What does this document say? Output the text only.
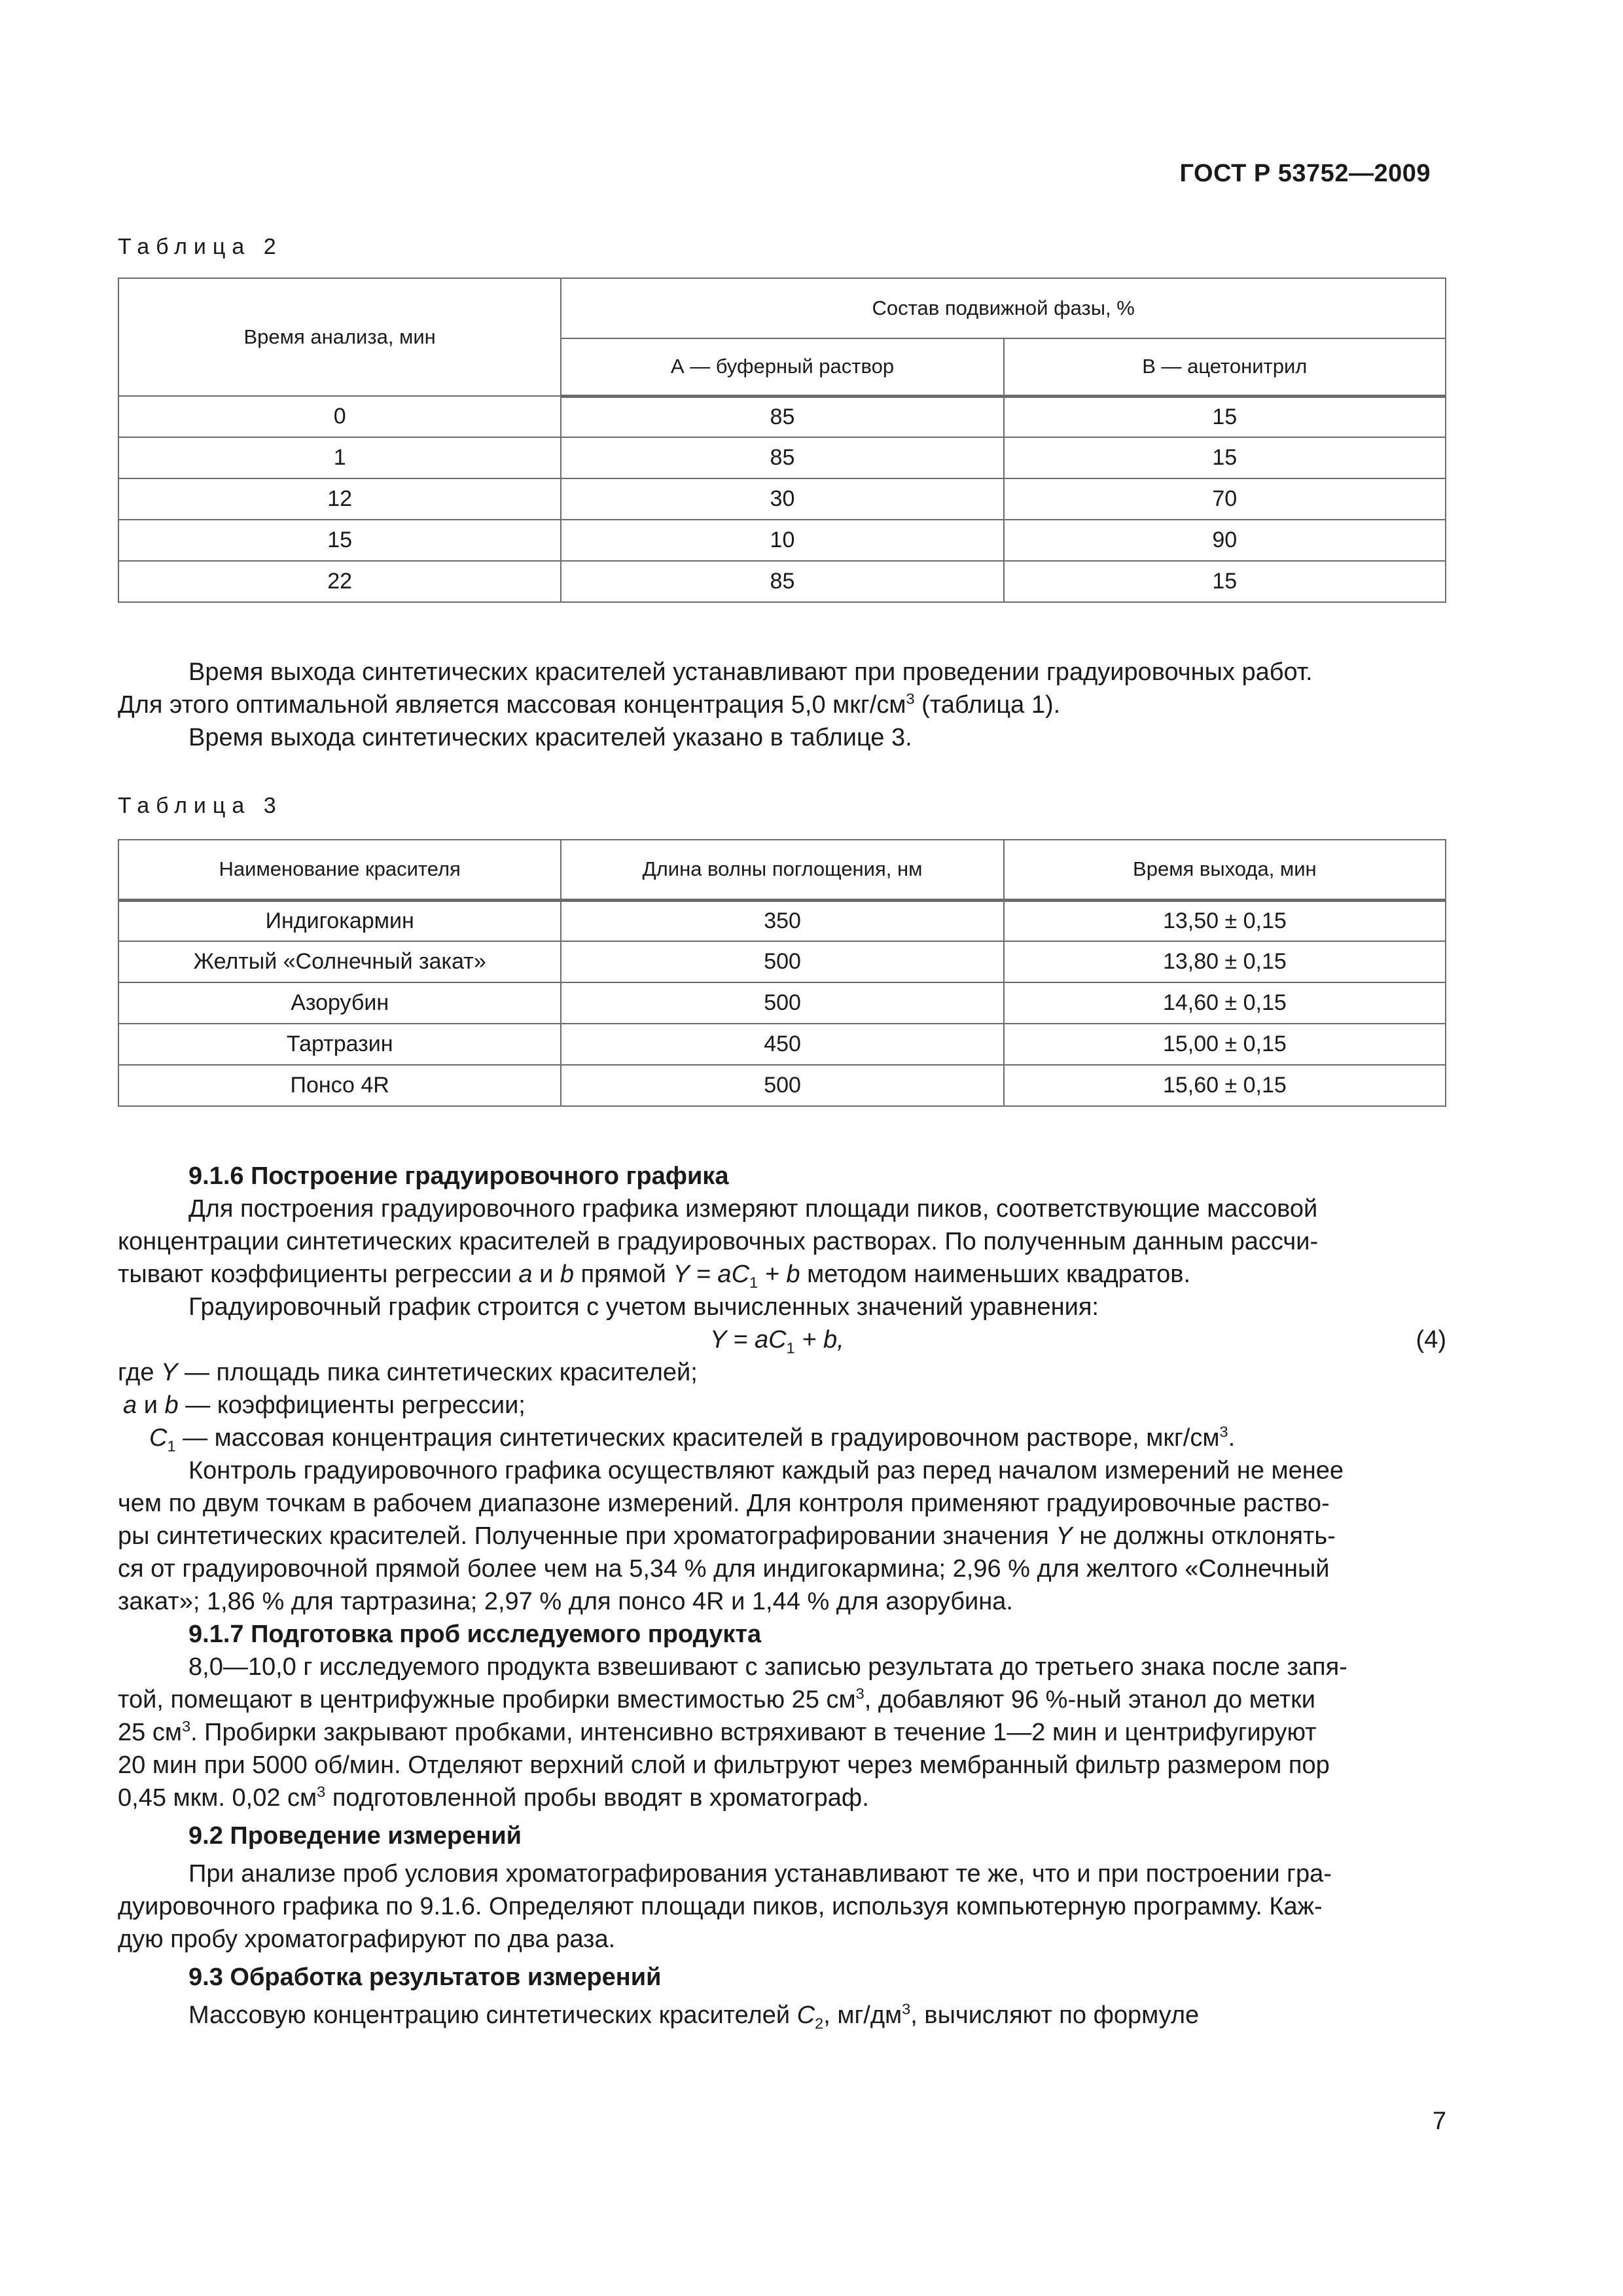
ГОСТ Р 53752—2009
Таблица 2
Время анализа, мин	Состав подвижной фазы, %	
	А — буферный раствор	В — ацетонитрил
0	85	15
1	85	15
12	30	70
15	10	90
22	85	15
Время выхода синтетических красителей устанавливают при проведении градуировочных работ.
Для этого оптимальной является массовая концентрация 5,0 мкг/$см^3$ (таблица 1).
Время выхода синтетических красителей указано в таблице 3.
Таблица 3
Наименование красителя	Длина волны поглощения, нм	Время выхода, мин
Индигокармин	350	13,50 ± 0,15
Желтый «Солнечный закат»	500	13,80 ± 0,15
Азорубин	500	14,60 ± 0,15
Тартразин	450	15,00 ± 0,15
Понсо 4R	500	15,60 ± 0,15
9.1.6 Построение градуировочного графика
Для построения градуировочного графика измеряют площади пиков, соответствующие массовой
концентрации синтетических красителей в градуировочных растворах. По полученным данным рассчи-
тывают коэффициенты регрессии a и b прямой $Y = aC_1 + b$ методом наименьших квадратов.
Градуировочный график строится с учетом вычисленных значений уравнения:
$Y = aC_1 + b$,	(4)
где Y — площадь пика синтетических красителей;
a и b — коэффициенты регрессии;
$C_1$ — массовая концентрация синтетических красителей в градуировочном растворе, мкг/$см^3$.
Контроль градуировочного графика осуществляют каждый раз перед началом измерений не менее
чем по двум точкам в рабочем диапазоне измерений. Для контроля применяют градуировочные раство-
ры синтетических красителей. Полученные при хроматографировании значения Y не должны отклонять-
ся от градуировочной прямой более чем на 5,34 % для индигокармина; 2,96 % для желтого «Солнечный
закат»; 1,86 % для тартразина; 2,97 % для понсо 4R и 1,44 % для азорубина.
9.1.7 Подготовка проб исследуемого продукта
8,0—10,0 г исследуемого продукта взвешивают с записью результата до третьего знака после запя-
той, помещают в центрифужные пробирки вместимостью 25 $см^3$, добавляют 96 %-ный этанол до метки
25 $см^3$. Пробирки закрывают пробками, интенсивно встряхивают в течение 1—2 мин и центрифугируют
20 мин при 5000 об/мин. Отделяют верхний слой и фильтруют через мембранный фильтр размером пор
0,45 мкм. 0,02 $см^3$ подготовленной пробы вводят в хроматограф.
9.2 Проведение измерений
При анализе проб условия хроматографирования устанавливают те же, что и при построении гра-
дуировочного графика по 9.1.6. Определяют площади пиков, используя компьютерную программу. Каж-
дую пробу хроматографируют по два раза.
9.3 Обработка результатов измерений
Массовую концентрацию синтетических красителей $C_2$, $мг/дм^3$, вычисляют по формуле
7
